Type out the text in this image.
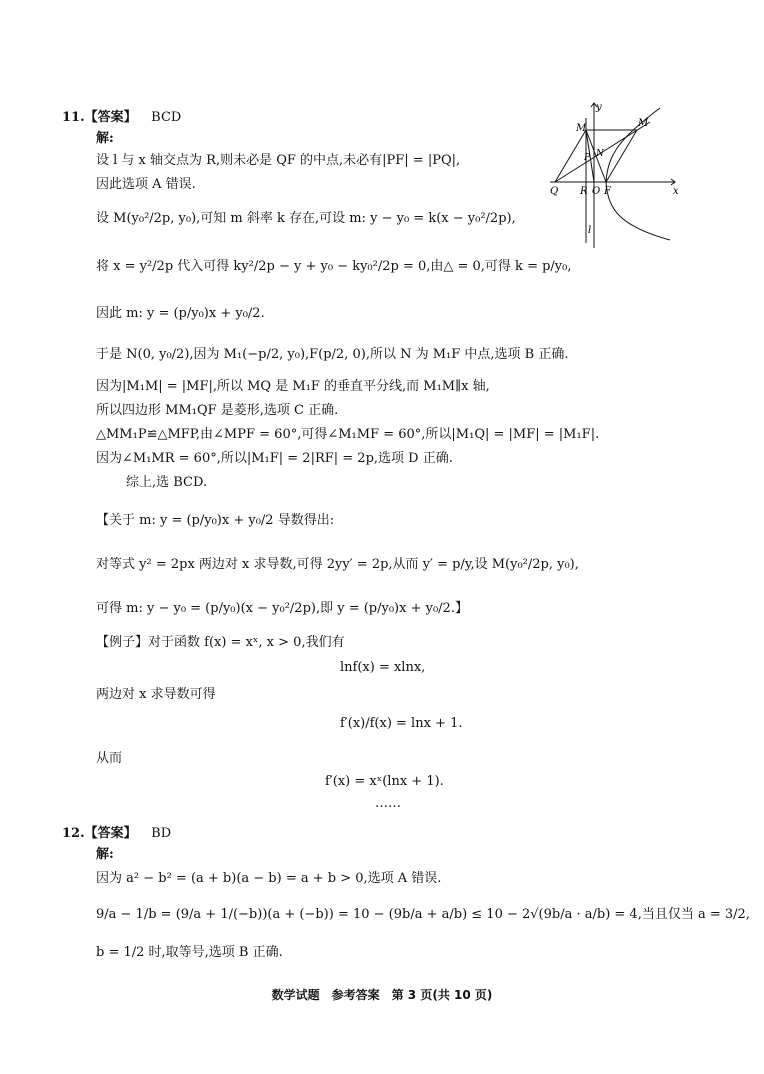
11.【答案】 BCD
解:
设 l 与 x 轴交点为 R,则未必是 QF 的中点,未必有|PF| = |PQ|,
因此选项 A 错误.
设 M(y₀²/2p, y₀),可知 m 斜率 k 存在,可设 m: y − y₀ = k(x − y₀²/2p),
将 x = y²/2p 代入可得 ky²/2p − y + y₀ − ky₀²/2p = 0,由△ = 0,可得 k = p/y₀,
因此 m: y = (p/y₀)x + y₀/2.
于是 N(0, y₀/2),因为 M₁(−p/2, y₀),F(p/2, 0),所以 N 为 M₁F 中点,选项 B 正确.
因为|M₁M| = |MF|,所以 MQ 是 M₁F 的垂直平分线,而 M₁M∥x 轴,
所以四边形 MM₁QF 是菱形,选项 C 正确.
△MM₁P≌△MFP,由∠MPF = 60°,可得∠M₁MF = 60°,所以|M₁Q| = |MF| = |M₁F|.
因为∠M₁MR = 60°,所以|M₁F| = 2|RF| = 2p,选项 D 正确.
综上,选 BCD.
【关于 m: y = (p/y₀)x + y₀/2 导数得出:
对等式 y² = 2px 两边对 x 求导数,可得 2yy′ = 2p,从而 y′ = p/y,设 M(y₀²/2p, y₀),
可得 m: y − y₀ = (p/y₀)(x − y₀²/2p),即 y = (p/y₀)x + y₀/2.】
【例子】对于函数 f(x) = xˣ, x > 0,我们有
lnf(x) = xlnx,
两边对 x 求导数可得
f′(x)/f(x) = lnx + 1.
从而
f′(x) = xˣ(lnx + 1).
……
y
M	M
P N
Q R O F	x
l
12.【答案】 BD
解:
因为 a² − b² = (a + b)(a − b) = a + b > 0,选项 A 错误.
9/a − 1/b = (9/a + 1/(−b))(a + (−b)) = 10 − (9b/a + a/b) ≤ 10 − 2√(9b/a · a/b) = 4,当且仅当 a = 3/2,
b = 1/2 时,取等号,选项 B 正确.
数学试题　参考答案　第 3 页(共 10 页)
